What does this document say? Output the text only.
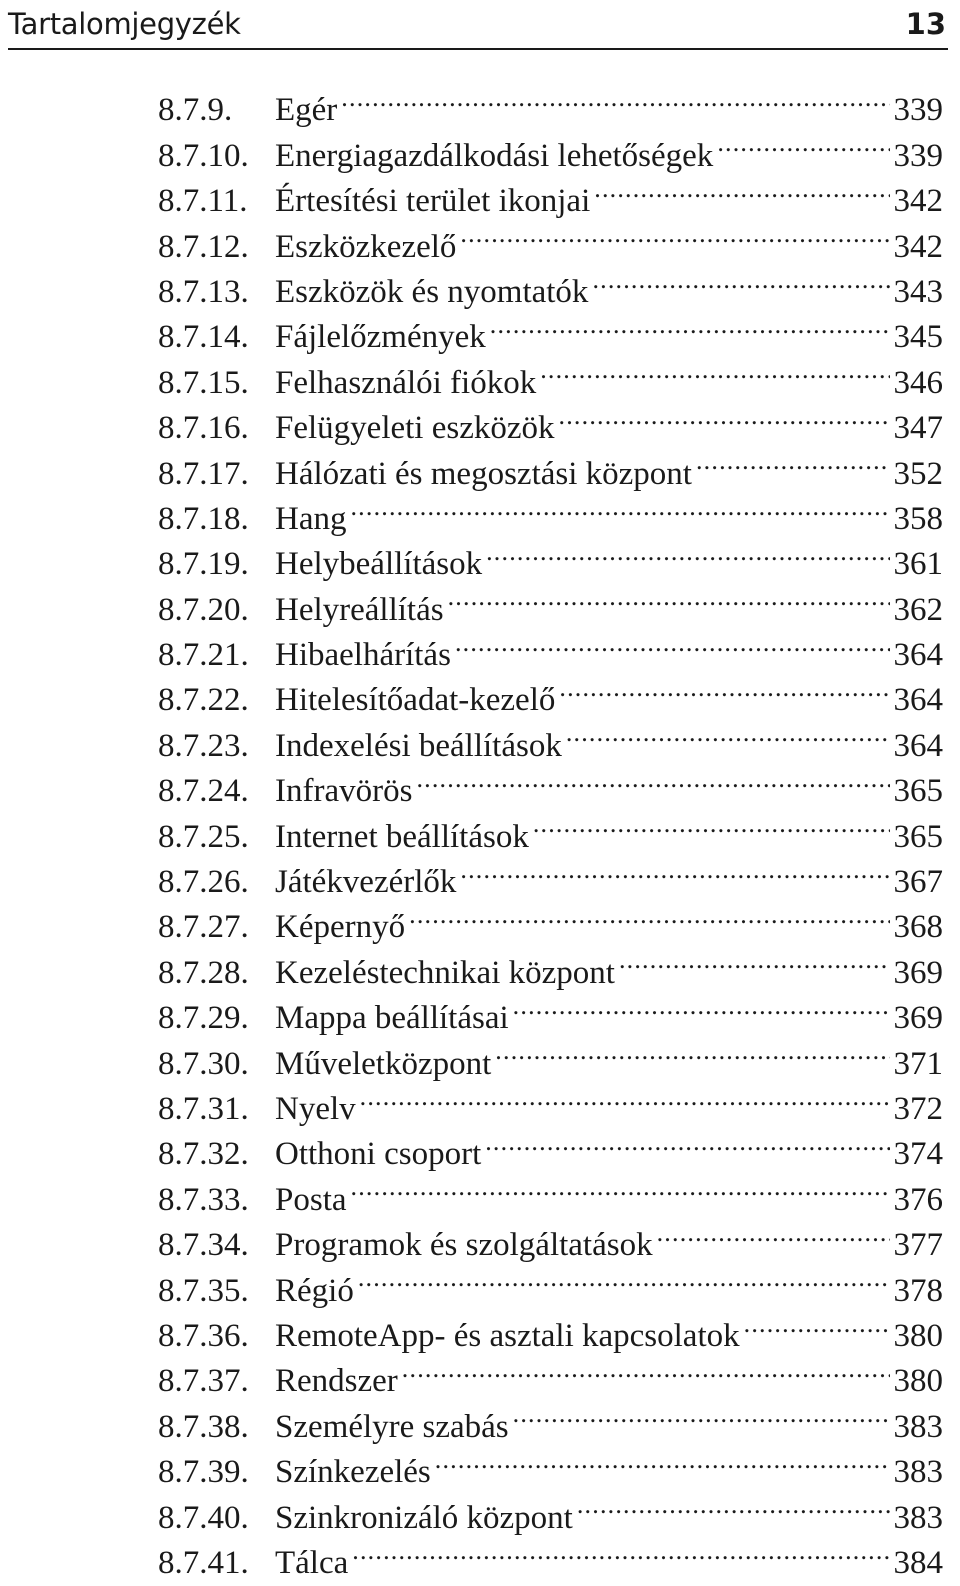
Tartalomjegyzék	13
8.7.9.	Egér .....	339
8.7.10. Energiagazdálkodási lehetőségek .....	339
8.7.11. Értesítési terület ikonjai .....	342
8.7.12. Eszközkezelő .....	342
8.7.13. Eszközök és nyomtatók .....	343
8.7.14. Fájlelőzmények .....	345
8.7.15. Felhasználói fiókok .....	346
8.7.16. Felügyeleti eszközök .....	347
8.7.17. Hálózati és megosztási központ .....	352
8.7.18. Hang .....	358
8.7.19. Helybeállítások .....	361
8.7.20. Helyreállítás .....	362
8.7.21. Hibaelhárítás .....	364
8.7.22. Hitelesítőadat-kezelő .....	364
8.7.23. Indexelési beállítások .....	364
8.7.24. Infravörös .....	365
8.7.25. Internet beállítások .....	365
8.7.26. Játékvezérlők .....	367
8.7.27. Képernyő .....	368
8.7.28. Kezeléstechnikai központ .....	369
8.7.29. Mappa beállításai .....	369
8.7.30. Műveletközpont .....	371
8.7.31. Nyelv .....	372
8.7.32. Otthoni csoport .....	374
8.7.33. Posta .....	376
8.7.34. Programok és szolgáltatások .....	377
8.7.35. Régió .....	378
8.7.36. RemoteApp- és asztali kapcsolatok .....	380
8.7.37. Rendszer .....	380
8.7.38. Személyre szabás .....	383
8.7.39. Színkezelés .....	383
8.7.40. Szinkronizáló központ .....	383
8.7.41. Tálca .....	384
